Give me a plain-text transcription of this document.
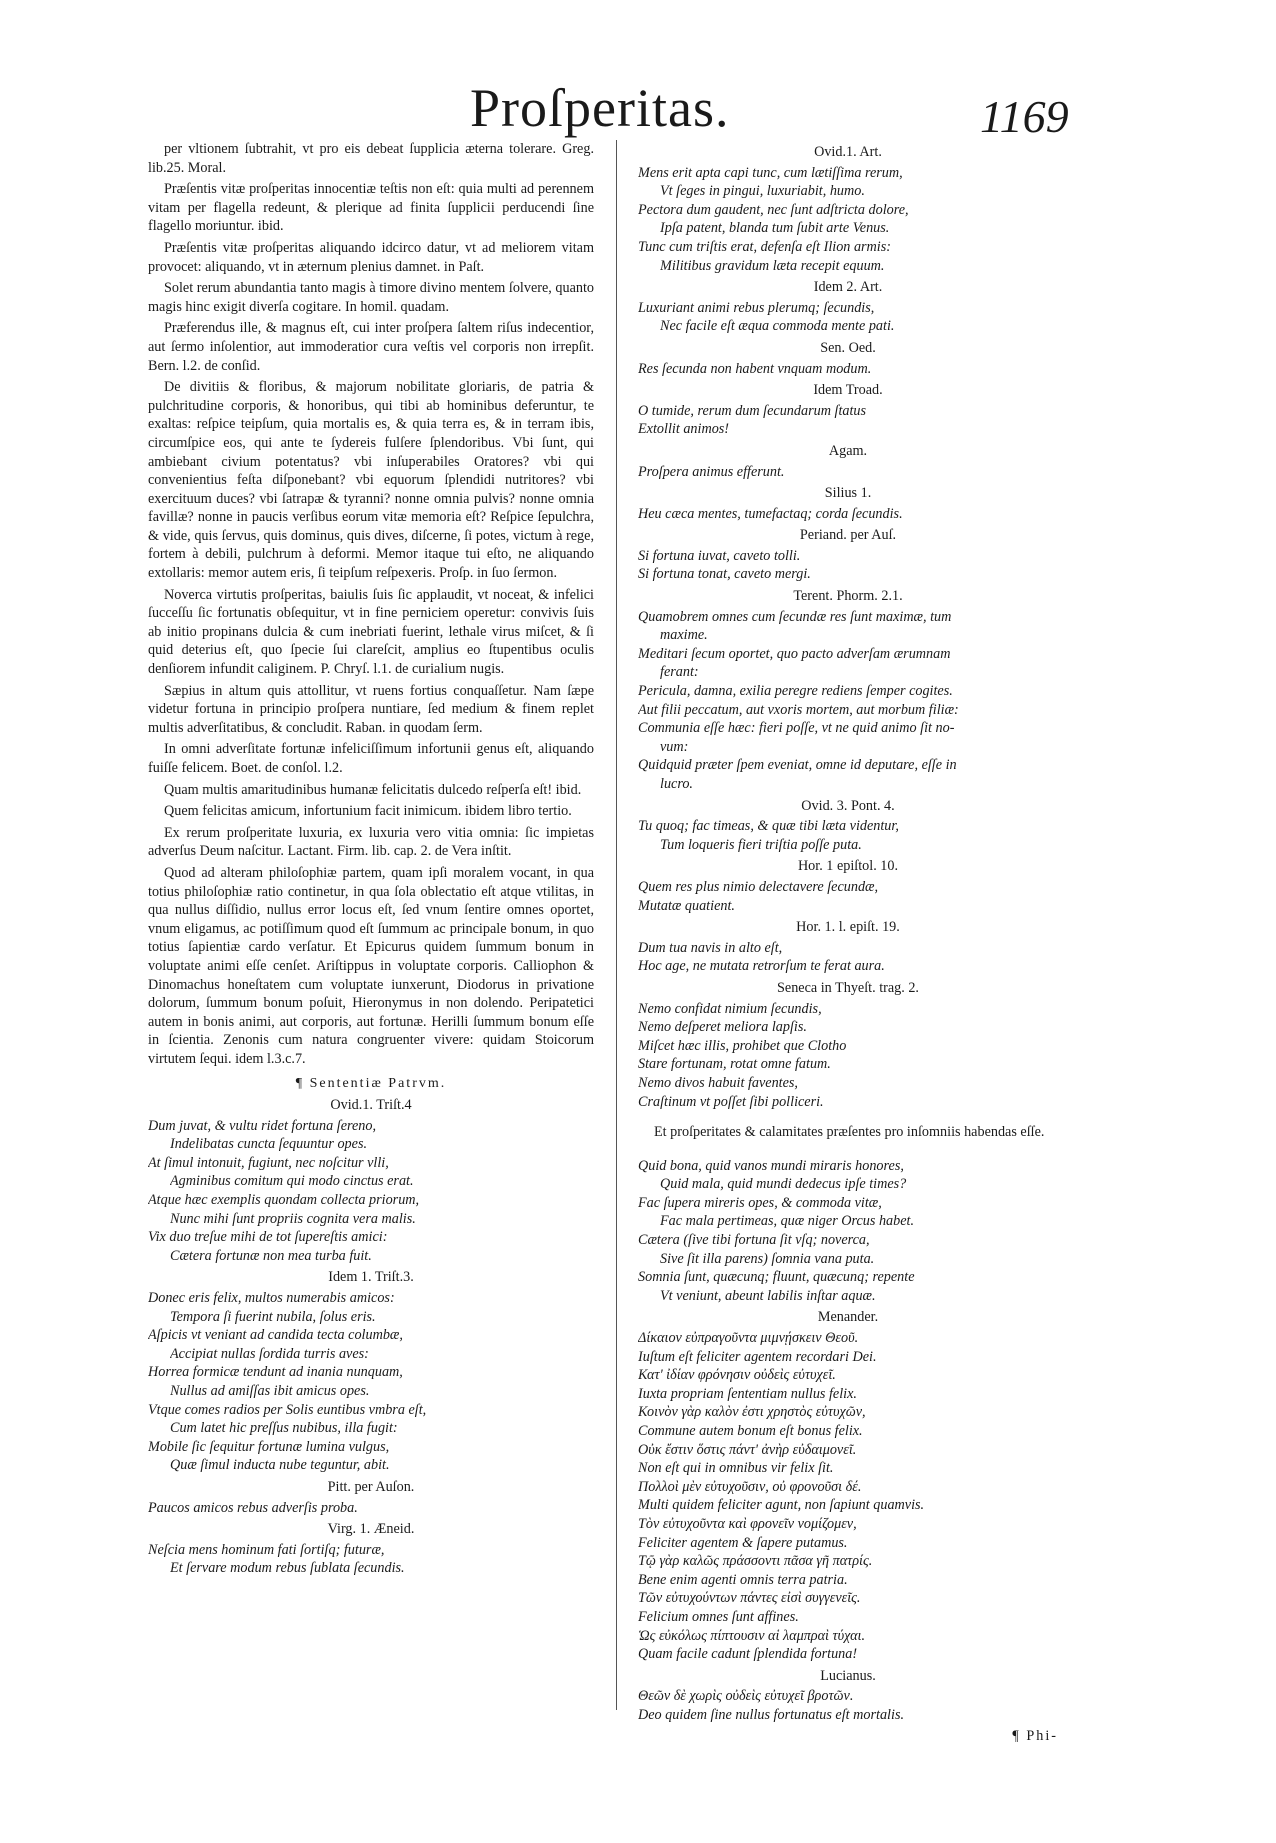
Proſperitas.	1169

per vltionem ſubtrahit, vt pro eis debeat ſupplicia æterna tolerare. Greg. lib.25. Moral.

Præſentis vitæ proſperitas innocentiæ teſtis non eſt: quia multi ad perennem vitam per flagella redeunt, & plerique ad finita ſupplicii perducendi ſine flagello moriuntur. ibid.

Præſentis vitæ proſperitas aliquando idcirco datur, vt ad meliorem vitam provocet: aliquando, vt in æternum plenius damnet. in Paſt.

Solet rerum abundantia tanto magis à timore divino mentem ſolvere, quanto magis hinc exigit diverſa cogitare. In homil. quadam.

Præferendus ille, & magnus eſt, cui inter proſpera ſaltem riſus indecentior, aut ſermo inſolentior, aut immoderatior cura veſtis vel corporis non irrepſit. Bern. l.2. de conſid.

De divitiis & floribus, & majorum nobilitate gloriaris, de patria & pulchritudine corporis, & honoribus, qui tibi ab hominibus deferuntur, te exaltas: reſpice teipſum, quia mortalis es, & quia terra es, & in terram ibis, circumſpice eos, qui ante te ſydereis fulſere ſplendoribus. Vbi ſunt, qui ambiebant civium potentatus? vbi inſuperabiles Oratores? vbi qui convenientius feſta diſponebant? vbi equorum ſplendidi nutritores? vbi exercituum duces? vbi ſatrapæ & tyranni? nonne omnia pulvis? nonne omnia favillæ? nonne in paucis verſibus eorum vitæ memoria eſt? Reſpice ſepulchra, & vide, quis ſervus, quis dominus, quis dives, diſcerne, ſi potes, victum à rege, fortem à debili, pulchrum à deformi. Memor itaque tui eſto, ne aliquando extollaris: memor autem eris, ſi teipſum reſpexeris. Proſp. in ſuo ſermon.

Noverca virtutis proſperitas, baiulis ſuis ſic applaudit, vt noceat, & infelici ſucceſſu ſic fortunatis obſequitur, vt in fine perniciem operetur: convivis ſuis ab initio propinans dulcia & cum inebriati fuerint, lethale virus miſcet, & ſi quid deterius eſt, quo ſpecie ſui clareſcit, amplius eo ſtupentibus oculis denſiorem infundit caliginem. P. Chryſ. l.1. de curialium nugis.

Sæpius in altum quis attollitur, vt ruens fortius conquaſſetur. Nam ſæpe videtur fortuna in principio proſpera nuntiare, ſed medium & finem replet multis adverſitatibus, & concludit. Raban. in quodam ſerm.

In omni adverſitate fortunæ infeliciſſimum infortunii genus eſt, aliquando fuiſſe felicem. Boet. de conſol. l.2.

Quam multis amaritudinibus humanæ felicitatis dulcedo reſperſa eſt! ibid.

Quem felicitas amicum, infortunium facit inimicum. ibidem libro tertio.

Ex rerum proſperitate luxuria, ex luxuria vero vitia omnia: ſic impietas adverſus Deum naſcitur. Lactant. Firm. lib. cap. 2. de Vera inſtit.

Quod ad alteram philoſophiæ partem, quam ipſi moralem vocant, in qua totius philoſophiæ ratio continetur, in qua ſola oblectatio eſt atque vtilitas, in qua nullus diſſidio, nullus error locus eſt, ſed vnum ſentire omnes oportet, vnum eligamus, ac potiſſimum quod eſt ſummum ac principale bonum, in quo totius ſapientiæ cardo verſatur. Et Epicurus quidem ſummum bonum in voluptate animi eſſe cenſet. Ariſtippus in voluptate corporis. Calliophon & Dinomachus honeſtatem cum voluptate iunxerunt, Diodorus in privatione dolorum, ſummum bonum poſuit, Hieronymus in non dolendo. Peripatetici autem in bonis animi, aut corporis, aut fortunæ. Herilli ſummum bonum eſſe in ſcientia. Zenonis cum natura congruenter vivere: quidam Stoicorum virtutem ſequi. idem l.3.c.7.

¶ Sententiæ Patrvm.

Ovid.1. Triſt.4

Dum juvat, & vultu ridet fortuna ſereno,

Indelibatas cuncta ſequuntur opes.

At ſimul intonuit, fugiunt, nec noſcitur vlli,

Agminibus comitum qui modo cinctus erat.

Atque hæc exemplis quondam collecta priorum,

Nunc mihi ſunt propriis cognita vera malis.

Vix duo treſue mihi de tot ſupereſtis amici:

Cætera fortunæ non mea turba fuit.

Idem 1. Triſt.3.

Donec eris felix, multos numerabis amicos:

Tempora ſi fuerint nubila, ſolus eris.

Aſpicis vt veniant ad candida tecta columbæ,

Accipiat nullas ſordida turris aves:

Horrea formicæ tendunt ad inania nunquam,

Nullus ad amiſſas ibit amicus opes.

Vtque comes radios per Solis euntibus vmbra eſt,

Cum latet hic preſſus nubibus, illa fugit:

Mobile ſic ſequitur fortunæ lumina vulgus,

Quæ ſimul inducta nube teguntur, abit.

Pitt. per Auſon.

Paucos amicos rebus adverſis proba.

Virg. 1. Æneid.

Neſcia mens hominum fati ſortiſq; futuræ,

Et ſervare modum rebus ſublata ſecundis.

Ovid.1. Art.

Mens erit apta capi tunc, cum lætiſſima rerum,

Vt ſeges in pingui, luxuriabit, humo.

Pectora dum gaudent, nec ſunt adſtricta dolore,

Ipſa patent, blanda tum ſubit arte Venus.

Tunc cum triſtis erat, defenſa eſt Ilion armis:

Militibus gravidum læta recepit equum.

Idem 2. Art.

Luxuriant animi rebus plerumq; ſecundis,

Nec facile eſt æqua commoda mente pati.

Sen. Oed.

Res ſecunda non habent vnquam modum.

Idem Troad.

O tumide, rerum dum ſecundarum ſtatus

Extollit animos!

Agam.

Proſpera animus efferunt.

Silius 1.

Heu cæca mentes, tumefactaq; corda ſecundis.

Periand. per Auſ.

Si fortuna iuvat, caveto tolli.

Si fortuna tonat, caveto mergi.

Terent. Phorm. 2.1.

Quamobrem omnes cum ſecundæ res ſunt maximæ, tum

maxime.

Meditari ſecum oportet, quo pacto adverſam ærumnam

ferant:

Pericula, damna, exilia peregre rediens ſemper cogites.

Aut filii peccatum, aut vxoris mortem, aut morbum filiæ:

Communia eſſe hæc: fieri poſſe, vt ne quid animo ſit no-

vum:

Quidquid præter ſpem eveniat, omne id deputare, eſſe in

lucro.

Ovid. 3. Pont. 4.

Tu quoq; fac timeas, & quæ tibi læta videntur,

Tum loqueris fieri triſtia poſſe puta.

Hor. 1 epiſtol. 10.

Quem res plus nimio delectavere ſecundæ,

Mutatæ quatient.

Hor. 1. l. epiſt. 19.

Dum tua navis in alto eſt,

Hoc age, ne mutata retrorſum te ferat aura.

Seneca in Thyeſt. trag. 2.

Nemo confidat nimium ſecundis,

Nemo deſperet meliora lapſis.

Miſcet hæc illis, prohibet que Clotho

Stare fortunam, rotat omne fatum.

Nemo divos habuit faventes,

Craſtinum vt poſſet ſibi polliceri.

Et proſperitates & calamitates præſentes pro inſomniis habendas eſſe.

Quid bona, quid vanos mundi miraris honores,

Quid mala, quid mundi dedecus ipſe times?

Fac ſupera mireris opes, & commoda vitæ,

Fac mala pertimeas, quæ niger Orcus habet.

Cætera (ſive tibi fortuna ſit vſq; noverca,

Sive ſit illa parens) ſomnia vana puta.

Somnia ſunt, quæcunq; fluunt, quæcunq; repente

Vt veniunt, abeunt labilis inſtar aquæ.

Menander.

Δίκαιον εὐπραγοῦντα μιμνῄσκειν Θεοῦ.

Iuſtum eſt feliciter agentem recordari Dei.

Κατ' ἰδίαν φρόνησιν οὐδεὶς εὐτυχεῖ.

Iuxta propriam ſententiam nullus felix.

Κοινὸν γὰρ καλὸν ἐστι χρηστὸς εὐτυχῶν,

Commune autem bonum eſt bonus felix.

Οὐκ ἔστιν ὅστις πάντ' ἀνὴρ εὐδαιμονεῖ.

Non eſt qui in omnibus vir felix ſit.

Πολλοὶ μὲν εὐτυχοῦσιν, οὐ φρονοῦσι δέ.

Multi quidem feliciter agunt, non ſapiunt quamvis.

Τὸν εὐτυχοῦντα καὶ φρονεῖν νομίζομεν,

Feliciter agentem & ſapere putamus.

Τῷ γὰρ καλῶς πράσσοντι πᾶσα γῆ πατρίς.

Bene enim agenti omnis terra patria.

Τῶν εὐτυχούντων πάντες εἰσὶ συγγενεῖς.

Felicium omnes ſunt affines.

Ὡς εὐκόλως πίπτουσιν αἱ λαμπραὶ τύχαι.

Quam facile cadunt ſplendida fortuna!

Lucianus.

Θεῶν δὲ χωρὶς οὐδεὶς εὐτυχεῖ βροτῶν.

Deo quidem ſine nullus fortunatus eſt mortalis.

¶ Phi-
